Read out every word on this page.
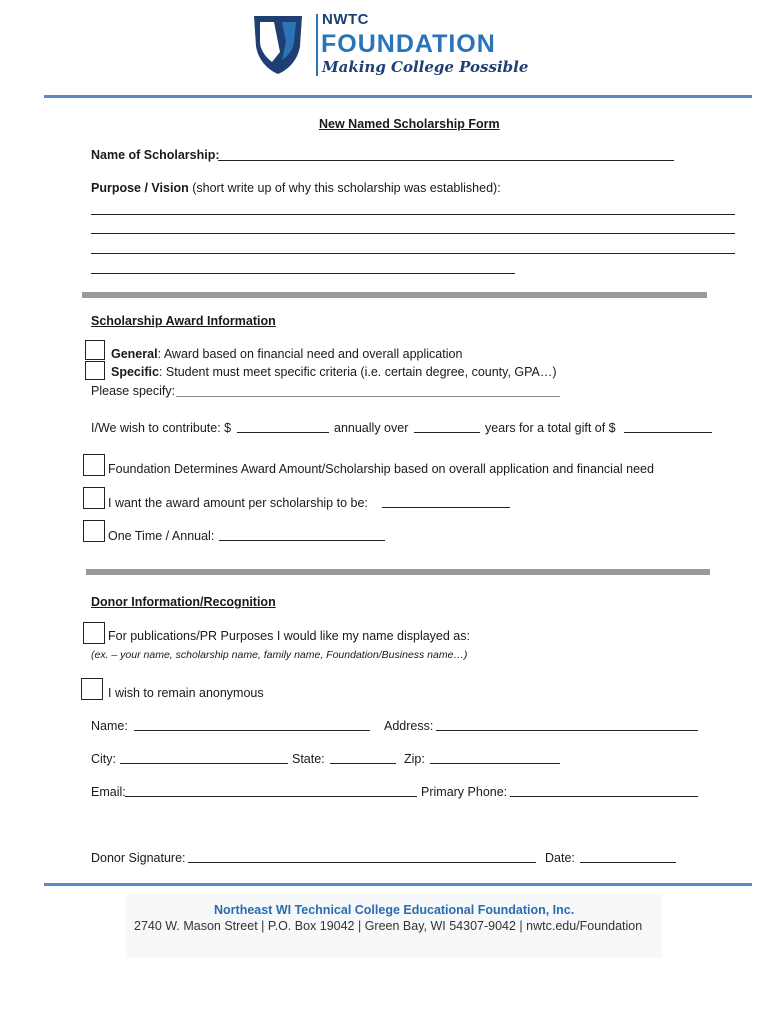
NWTC
FOUNDATION
Making College Possible
New Named Scholarship Form
Name of Scholarship:
Purpose / Vision (short write up of why this scholarship was established):
Scholarship Award Information
General: Award based on financial need and overall application
Specific: Student must meet specific criteria (i.e. certain degree, county, GPA…)
Please specify:
I/We wish to contribute: $	annually over	years for a total gift of $
Foundation Determines Award Amount/Scholarship based on overall application and financial need
I want the award amount per scholarship to be:
One Time / Annual:
Donor Information/Recognition
For publications/PR Purposes I would like my name displayed as:
(ex. – your name, scholarship name, family name, Foundation/Business name…)
I wish to remain anonymous
Name:	Address:
City:	State:	Zip:
Email:	Primary Phone:
Donor Signature:	Date:
Northeast WI Technical College Educational Foundation, Inc.
2740 W. Mason Street | P.O. Box 19042 | Green Bay, WI 54307-9042 | nwtc.edu/Foundation
